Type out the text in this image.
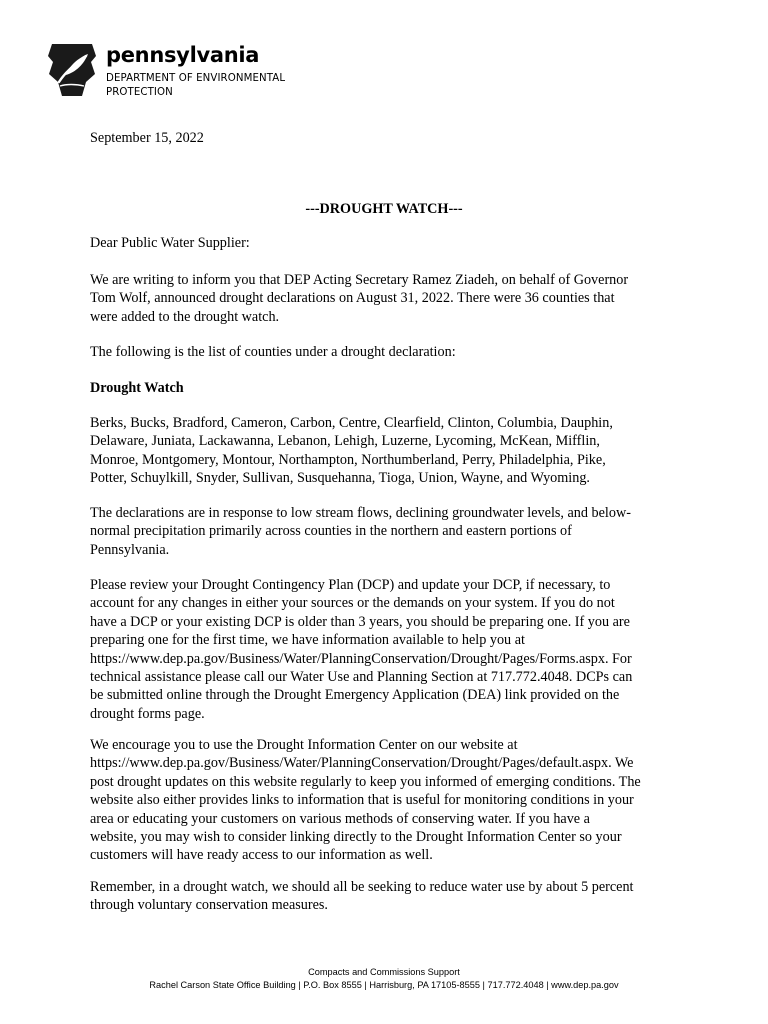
pennsylvania
DEPARTMENT OF ENVIRONMENTAL
PROTECTION
September 15, 2022
---DROUGHT WATCH---
Dear Public Water Supplier:
We are writing to inform you that DEP Acting Secretary Ramez Ziadeh, on behalf of Governor
Tom Wolf, announced drought declarations on August 31, 2022. There were 36 counties that
were added to the drought watch.
The following is the list of counties under a drought declaration:
Drought Watch
Berks, Bucks, Bradford, Cameron, Carbon, Centre, Clearfield, Clinton, Columbia, Dauphin,
Delaware, Juniata, Lackawanna, Lebanon, Lehigh, Luzerne, Lycoming, McKean, Mifflin,
Monroe, Montgomery, Montour, Northampton, Northumberland, Perry, Philadelphia, Pike,
Potter, Schuylkill, Snyder, Sullivan, Susquehanna, Tioga, Union, Wayne, and Wyoming.
The declarations are in response to low stream flows, declining groundwater levels, and below-
normal precipitation primarily across counties in the northern and eastern portions of
Pennsylvania.
Please review your Drought Contingency Plan (DCP) and update your DCP, if necessary, to
account for any changes in either your sources or the demands on your system. If you do not
have a DCP or your existing DCP is older than 3 years, you should be preparing one. If you are
preparing one for the first time, we have information available to help you at
https://www.dep.pa.gov/Business/Water/PlanningConservation/Drought/Pages/Forms.aspx. For
technical assistance please call our Water Use and Planning Section at 717.772.4048. DCPs can
be submitted online through the Drought Emergency Application (DEA) link provided on the
drought forms page.
We encourage you to use the Drought Information Center on our website at
https://www.dep.pa.gov/Business/Water/PlanningConservation/Drought/Pages/default.aspx. We
post drought updates on this website regularly to keep you informed of emerging conditions. The
website also either provides links to information that is useful for monitoring conditions in your
area or educating your customers on various methods of conserving water. If you have a
website, you may wish to consider linking directly to the Drought Information Center so your
customers will have ready access to our information as well.
Remember, in a drought watch, we should all be seeking to reduce water use by about 5 percent
through voluntary conservation measures.
Compacts and Commissions Support
Rachel Carson State Office Building | P.O. Box 8555 | Harrisburg, PA 17105-8555 | 717.772.4048 | www.dep.pa.gov
